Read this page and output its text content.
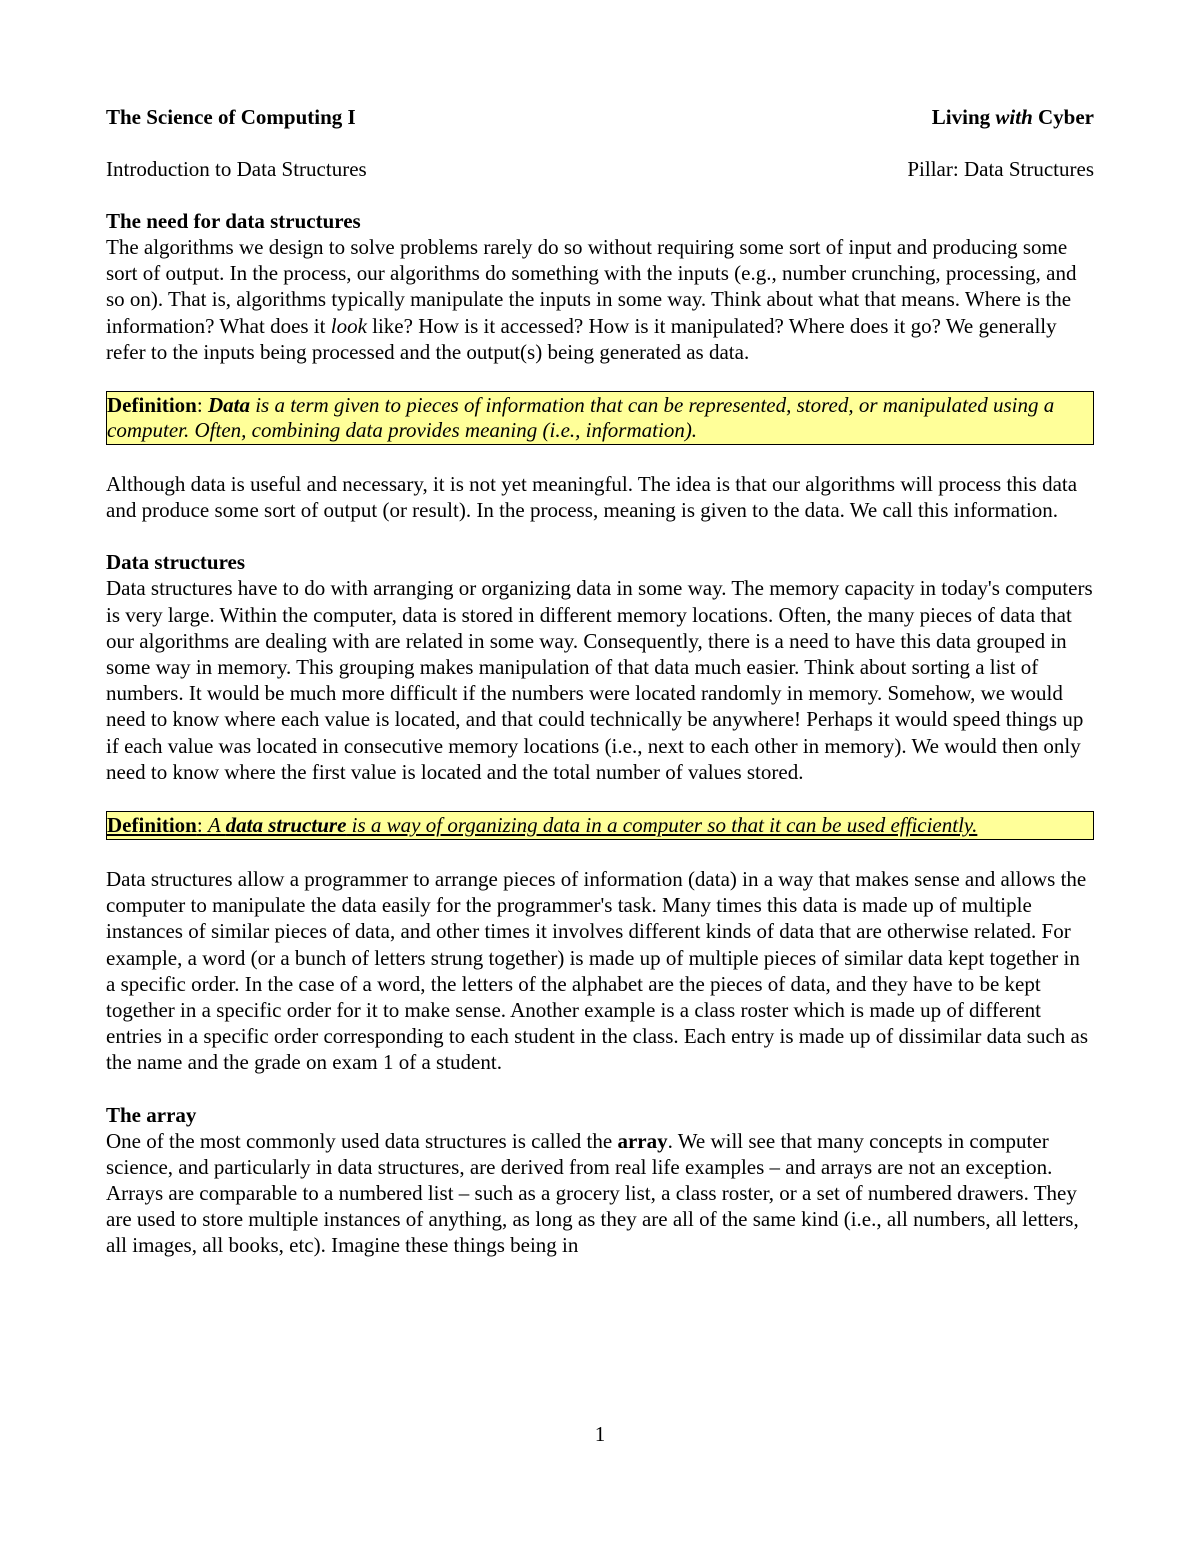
The Science of Computing I	Living with Cyber
Introduction to Data Structures	Pillar: Data Structures
The need for data structures

The algorithms we design to solve problems rarely do so without requiring some sort of input and producing some sort of output. In the process, our algorithms do something with the inputs (e.g., number crunching, processing, and so on). That is, algorithms typically manipulate the inputs in some way. Think about what that means. Where is the information? What does it look like? How is it accessed? How is it manipulated? Where does it go? We generally refer to the inputs being processed and the output(s) being generated as data.

Definition: Data is a term given to pieces of information that can be represented, stored, or manipulated using a computer. Often, combining data provides meaning (i.e., information).

Although data is useful and necessary, it is not yet meaningful. The idea is that our algorithms will process this data and produce some sort of output (or result). In the process, meaning is given to the data. We call this information.

Data structures

Data structures have to do with arranging or organizing data in some way. The memory capacity in today's computers is very large. Within the computer, data is stored in different memory locations. Often, the many pieces of data that our algorithms are dealing with are related in some way. Consequently, there is a need to have this data grouped in some way in memory. This grouping makes manipulation of that data much easier. Think about sorting a list of numbers. It would be much more difficult if the numbers were located randomly in memory. Somehow, we would need to know where each value is located, and that could technically be anywhere! Perhaps it would speed things up if each value was located in consecutive memory locations (i.e., next to each other in memory). We would then only need to know where the first value is located and the total number of values stored.

Definition: A data structure is a way of organizing data in a computer so that it can be used efficiently.

Data structures allow a programmer to arrange pieces of information (data) in a way that makes sense and allows the computer to manipulate the data easily for the programmer's task. Many times this data is made up of multiple instances of similar pieces of data, and other times it involves different kinds of data that are otherwise related. For example, a word (or a bunch of letters strung together) is made up of multiple pieces of similar data kept together in a specific order. In the case of a word, the letters of the alphabet are the pieces of data, and they have to be kept together in a specific order for it to make sense. Another example is a class roster which is made up of different entries in a specific order corresponding to each student in the class. Each entry is made up of dissimilar data such as the name and the grade on exam 1 of a student.

The array

One of the most commonly used data structures is called the array. We will see that many concepts in computer science, and particularly in data structures, are derived from real life examples – and arrays are not an exception. Arrays are comparable to a numbered list – such as a grocery list, a class roster, or a set of numbered drawers. They are used to store multiple instances of anything, as long as they are all of the same kind (i.e., all numbers, all letters, all images, all books, etc). Imagine these things being in

1
